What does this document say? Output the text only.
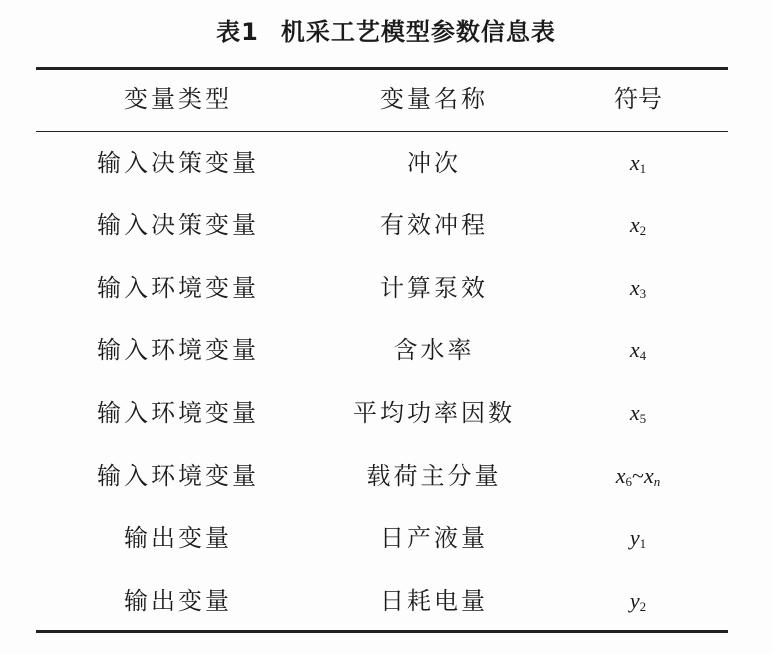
表1 机采工艺模型参数信息表
变量类型	变量名称	符号
输入决策变量	冲次	$x_1$
输入决策变量	有效冲程	$x_2$
输入环境变量	计算泵效	$x_3$
输入环境变量	含水率	$x_4$
输入环境变量	平均功率因数	$x_5$
输入环境变量	载荷主分量	$x_6\sim x_n$
输出变量	日产液量	$y_1$
输出变量	日耗电量	$y_2$
